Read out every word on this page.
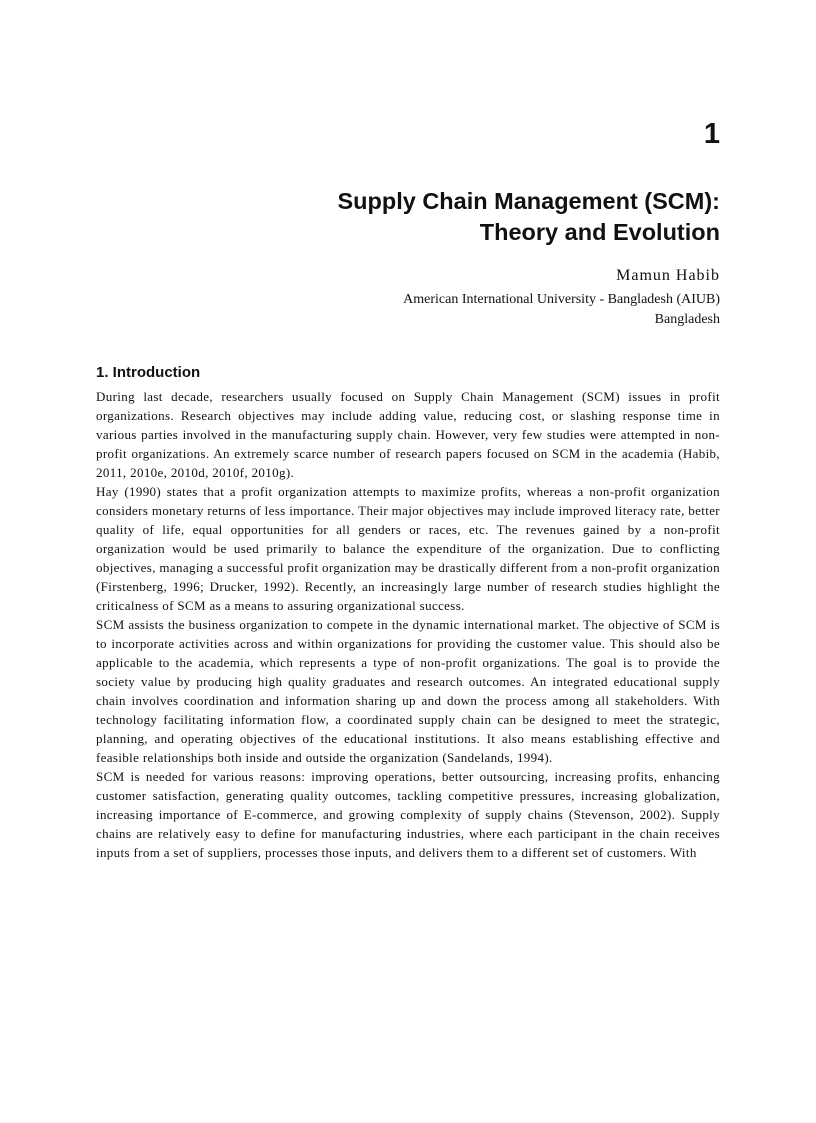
1
Supply Chain Management (SCM):
Theory and Evolution
Mamun Habib
American International University - Bangladesh (AIUB)
Bangladesh
1. Introduction

During last decade, researchers usually focused on Supply Chain Management (SCM) issues in profit organizations. Research objectives may include adding value, reducing cost, or slashing response time in various parties involved in the manufacturing supply chain. However, very few studies were attempted in non-profit organizations. An extremely scarce number of research papers focused on SCM in the academia (Habib, 2011, 2010e, 2010d, 2010f, 2010g).

Hay (1990) states that a profit organization attempts to maximize profits, whereas a non-profit organization considers monetary returns of less importance. Their major objectives may include improved literacy rate, better quality of life, equal opportunities for all genders or races, etc. The revenues gained by a non-profit organization would be used primarily to balance the expenditure of the organization. Due to conflicting objectives, managing a successful profit organization may be drastically different from a non-profit organization (Firstenberg, 1996; Drucker, 1992). Recently, an increasingly large number of research studies highlight the criticalness of SCM as a means to assuring organizational success.

SCM assists the business organization to compete in the dynamic international market. The objective of SCM is to incorporate activities across and within organizations for providing the customer value. This should also be applicable to the academia, which represents a type of non-profit organizations. The goal is to provide the society value by producing high quality graduates and research outcomes. An integrated educational supply chain involves coordination and information sharing up and down the process among all stakeholders. With technology facilitating information flow, a coordinated supply chain can be designed to meet the strategic, planning, and operating objectives of the educational institutions. It also means establishing effective and feasible relationships both inside and outside the organization (Sandelands, 1994).

SCM is needed for various reasons: improving operations, better outsourcing, increasing profits, enhancing customer satisfaction, generating quality outcomes, tackling competitive pressures, increasing globalization, increasing importance of E-commerce, and growing complexity of supply chains (Stevenson, 2002). Supply chains are relatively easy to define for manufacturing industries, where each participant in the chain receives inputs from a set of suppliers, processes those inputs, and delivers them to a different set of customers. With
